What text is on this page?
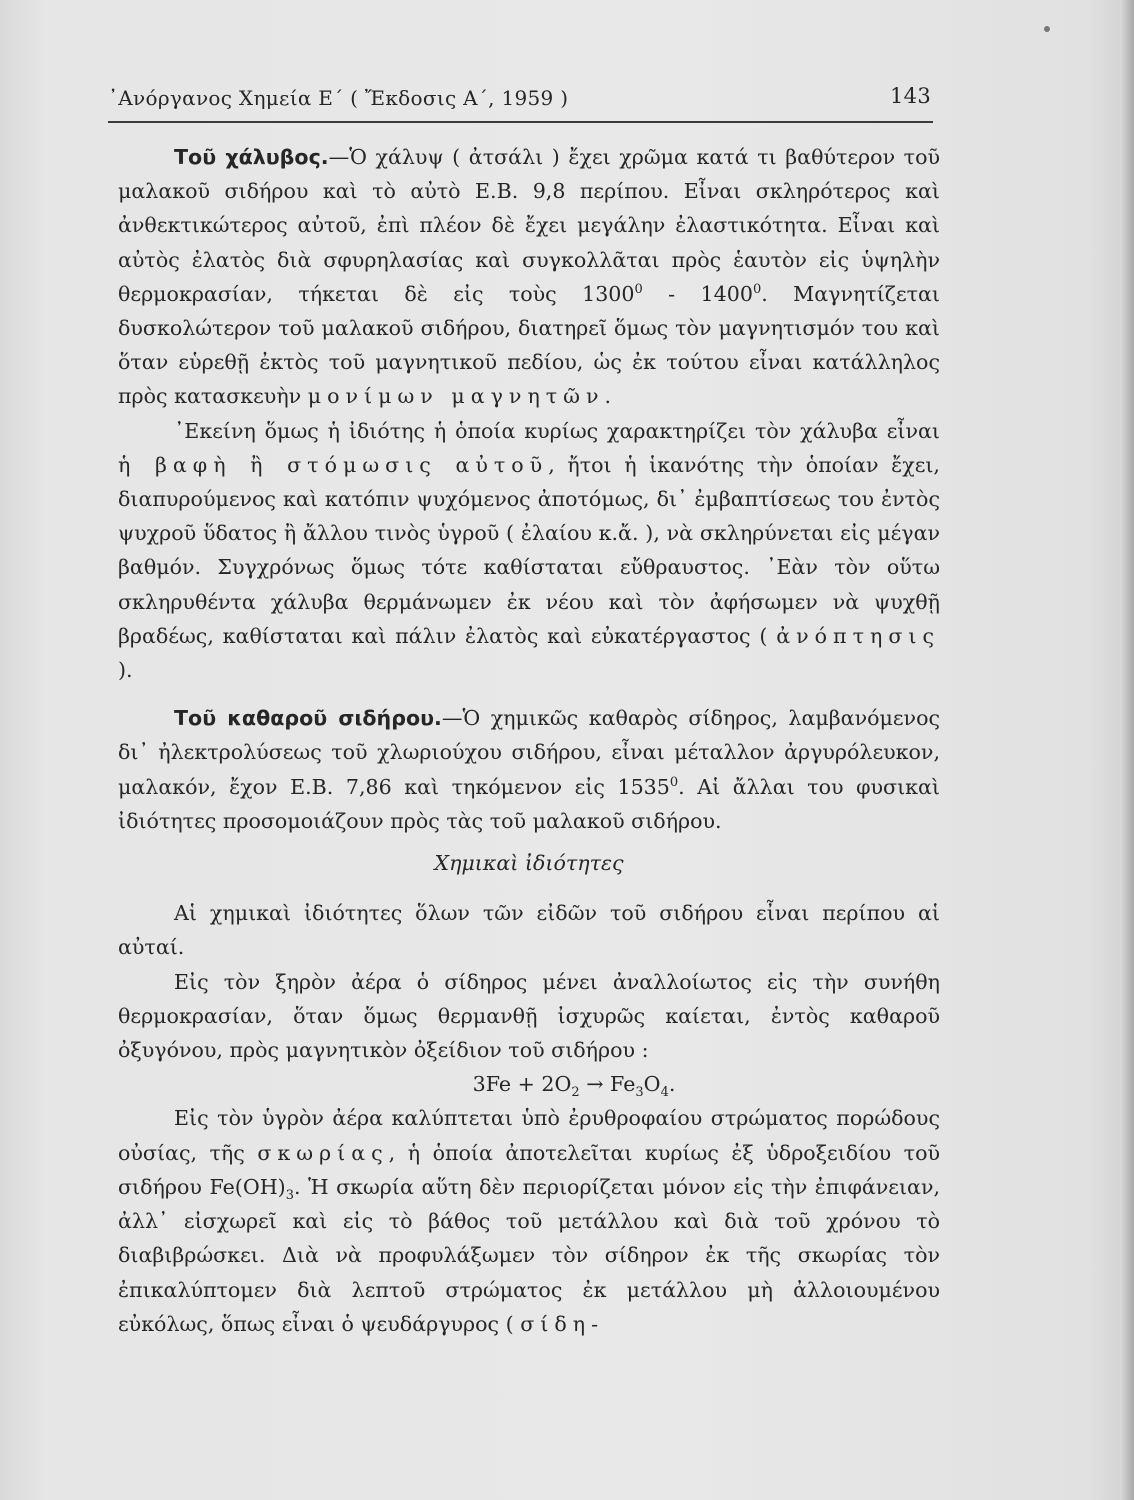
᾿Ανόργανος Χημεία Ε΄ ( Ἔκδοσις Α΄, 1959 )	143

Τοῦ χάλυβος.—Ὁ χάλυψ ( ἀτσάλι ) ἔχει χρῶμα κατά τι βαθύτερον τοῦ μαλακοῦ σιδήρου καὶ τὸ αὐτὸ Ε.Β. 9,8 περίπου. Εἶναι σκληρότερος καὶ ἀνθεκτικώτερος αὐτοῦ, ἐπὶ πλέον δὲ ἔχει μεγάλην ἐλαστικότητα. Εἶναι καὶ αὐτὸς ἐλατὸς διὰ σφυρηλασίας καὶ συγκολλᾶται πρὸς ἑαυτὸν εἰς ὑψηλὴν θερμοκρασίαν, τήκεται δὲ εἰς τοὺς 1300$^0$ - 1400$^0$. Μαγνητίζεται δυσκολώτερον τοῦ μαλακοῦ σιδήρου, διατηρεῖ ὅμως τὸν μαγνητισμόν του καὶ ὅταν εὑρεθῇ ἐκτὸς τοῦ μαγνητικοῦ πεδίου, ὡς ἐκ τούτου εἶναι κατάλληλος πρὸς κατασκευὴν μονίμων μαγνητῶν.

᾿Εκείνη ὅμως ἡ ἰδιότης ἡ ὁποία κυρίως χαρακτηρίζει τὸν χάλυβα εἶναι ἡ βαφὴ ἢ στόμωσις αὐτοῦ, ἤτοι ἡ ἱκανότης τὴν ὁποίαν ἔχει, διαπυρούμενος καὶ κατόπιν ψυχόμενος ἀποτόμως, δι᾿ ἐμβαπτίσεως του ἐντὸς ψυχροῦ ὕδατος ἢ ἄλλου τινὸς ὑγροῦ ( ἐλαίου κ.ἄ. ), νὰ σκληρύνεται εἰς μέγαν βαθμόν. Συγχρόνως ὅμως τότε καθίσταται εὔθραυστος. ᾿Εὰν τὸν οὕτω σκληρυθέντα χάλυβα θερμάνωμεν ἐκ νέου καὶ τὸν ἀφήσωμεν νὰ ψυχθῇ βραδέως, καθίσταται καὶ πάλιν ἐλατὸς καὶ εὐκατέργαστος ( ἀνόπτησις ).

Τοῦ καθαροῦ σιδήρου.—Ὁ χημικῶς καθαρὸς σίδηρος, λαμβανόμενος δι᾿ ἠλεκτρολύσεως τοῦ χλωριούχου σιδήρου, εἶναι μέταλλον ἀργυρόλευκον, μαλακόν, ἔχον Ε.Β. 7,86 καὶ τηκόμενον εἰς 1535$^0$. Αἱ ἄλλαι του φυσικαὶ ἰδιότητες προσομοιάζουν πρὸς τὰς τοῦ μαλακοῦ σιδήρου.

Χημικαὶ ἰδιότητες

Αἱ χημικαὶ ἰδιότητες ὅλων τῶν εἰδῶν τοῦ σιδήρου εἶναι περίπου αἱ αὐταί.

Εἰς τὸν ξηρὸν ἀέρα ὁ σίδηρος μένει ἀναλλοίωτος εἰς τὴν συνήθη θερμοκρασίαν, ὅταν ὅμως θερμανθῇ ἰσχυρῶς καίεται, ἐντὸς καθαροῦ ὀξυγόνου, πρὸς μαγνητικὸν ὀξείδιον τοῦ σιδήρου :

$3Fe + 2O_2 \to Fe_3O_4$.

Εἰς τὸν ὑγρὸν ἀέρα καλύπτεται ὑπὸ ἐρυθροφαίου στρώματος πορώδους οὐσίας, τῆς σκωρίας, ἡ ὁποία ἀποτελεῖται κυρίως ἐξ ὑδροξειδίου τοῦ σιδήρου $Fe(OH)_3$. Ἡ σκωρία αὕτη δὲν περιορίζεται μόνον εἰς τὴν ἐπιφάνειαν, ἀλλ᾿ εἰσχωρεῖ καὶ εἰς τὸ βάθος τοῦ μετάλλου καὶ διὰ τοῦ χρόνου τὸ διαβιβρώσκει. Διὰ νὰ προφυλάξωμεν τὸν σίδηρον ἐκ τῆς σκωρίας τὸν ἐπικαλύπτομεν διὰ λεπτοῦ στρώματος ἐκ μετάλλου μὴ ἀλλοιουμένου εὐκόλως, ὅπως εἶναι ὁ ψευδάργυρος ( σίδη-
